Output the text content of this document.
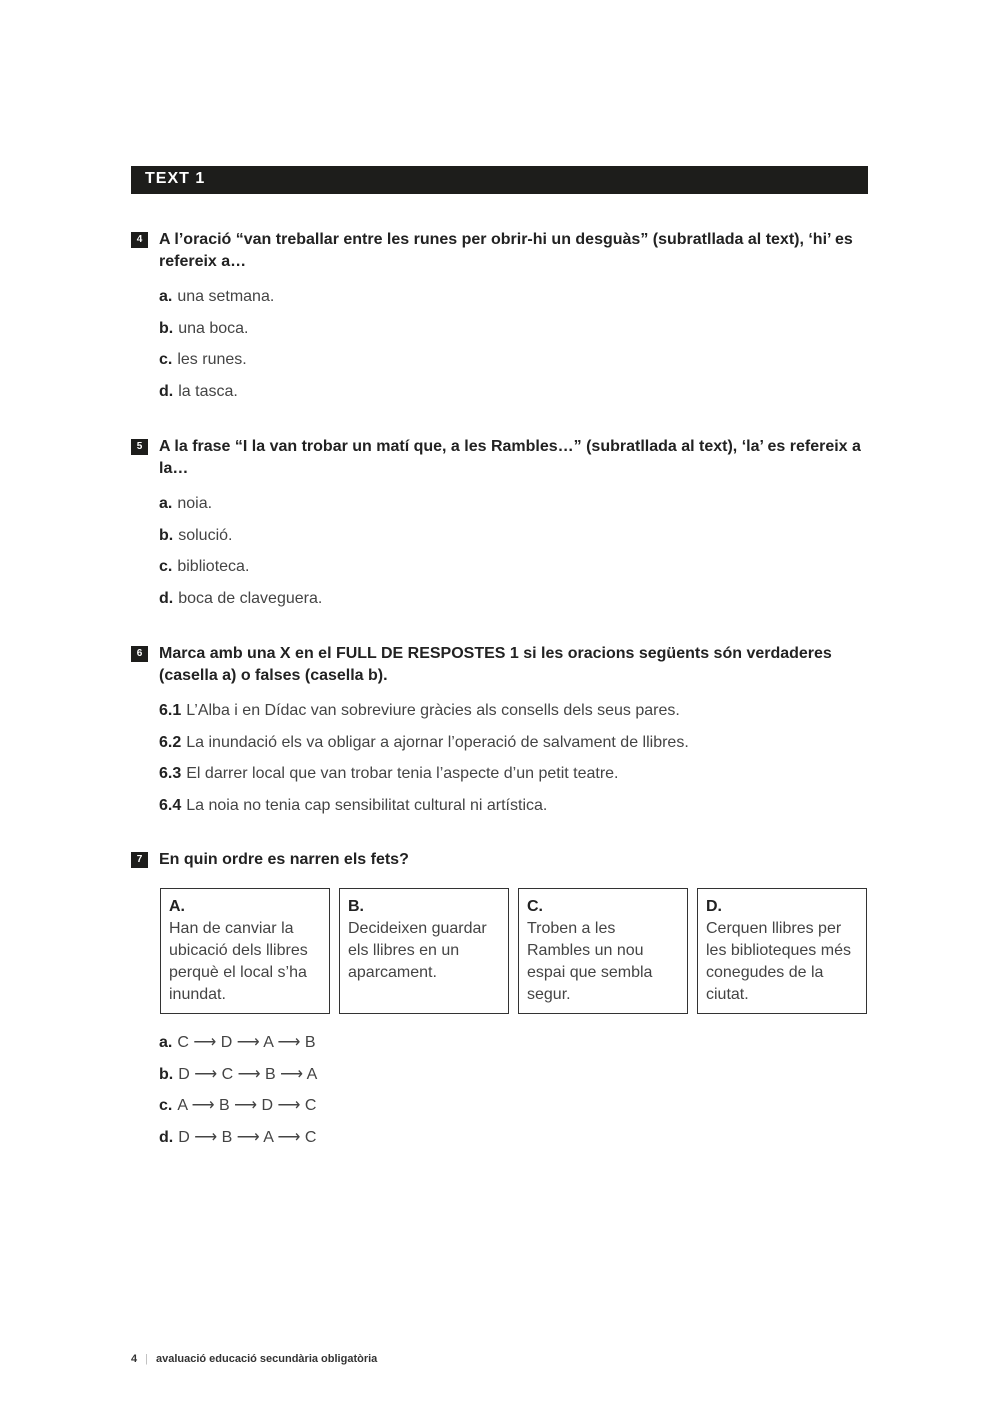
TEXT 1
4	A l’oració “van treballar entre les runes per obrir-hi un desguàs” (subratllada al text), ‘hi’ es refereix a…
a. una setmana.
b. una boca.
c. les runes.
d. la tasca.
5	A la frase “I la van trobar un matí que, a les Rambles…” (subratllada al text), ‘la’ es refereix a la…
a. noia.
b. solució.
c. biblioteca.
d. boca de claveguera.
6	Marca amb una X en el FULL DE RESPOSTES 1 si les oracions següents són verdaderes (casella a) o falses (casella b).
6.1 L’Alba i en Dídac van sobreviure gràcies als consells dels seus pares.
6.2 La inundació els va obligar a ajornar l’operació de salvament de llibres.
6.3 El darrer local que van trobar tenia l’aspecte d’un petit teatre.
6.4 La noia no tenia cap sensibilitat cultural ni artística.
7	En quin ordre es narren els fets?
A.
Han de canviar la ubicació dels llibres perquè el local s’ha inundat.
B.
Decideixen guardar els llibres en un aparcament.
C.
Troben a les Rambles un nou espai que sembla segur.
D.
Cerquen llibres per les biblioteques més conegudes de la ciutat.
a. C ⟶ D ⟶ A ⟶ B
b. D ⟶ C ⟶ B ⟶ A
c. A ⟶ B ⟶ D ⟶ C
d. D ⟶ B ⟶ A ⟶ C
4 | avaluació educació secundària obligatòria
